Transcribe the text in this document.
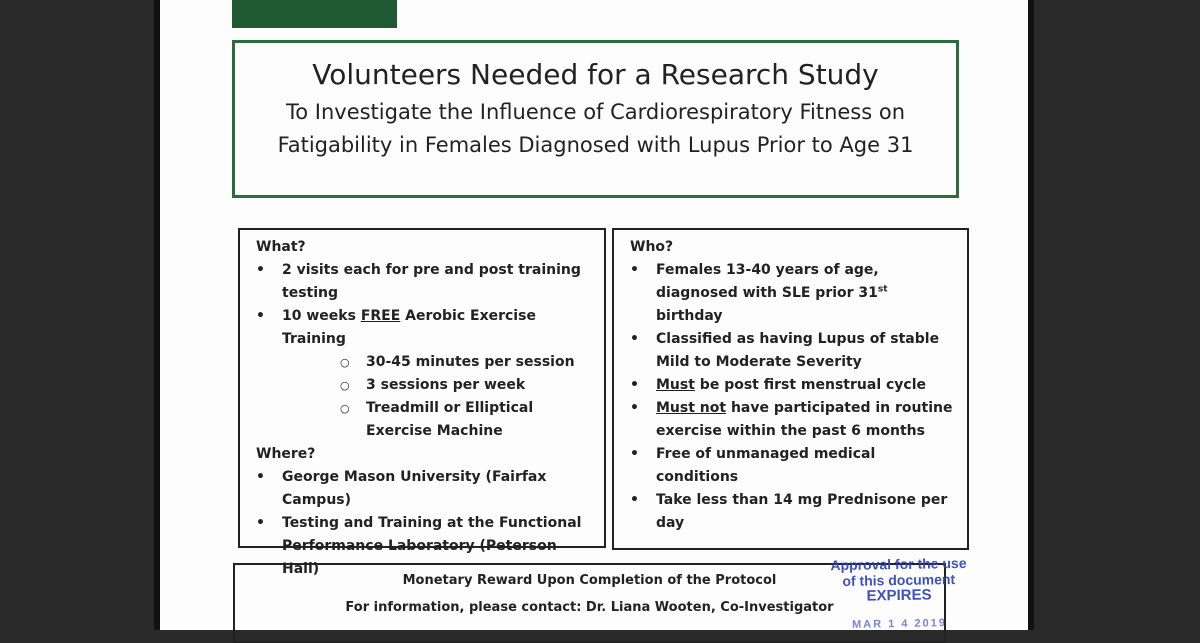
Volunteers Needed for a Research Study
To Investigate the Influence of Cardiorespiratory Fitness on
Fatigability in Females Diagnosed with Lupus Prior to Age 31
What?
• 2 visits each for pre and post training testing
• 10 weeks FREE Aerobic Exercise Training
○ 30-45 minutes per session
○ 3 sessions per week
○ Treadmill or Elliptical Exercise Machine
Where?
• George Mason University (Fairfax Campus)
• Testing and Training at the Functional Performance Laboratory (Peterson Hall)
Who?
• Females 13-40 years of age, diagnosed with SLE prior 31st birthday
• Classified as having Lupus of stable Mild to Moderate Severity
• Must be post first menstrual cycle
• Must not have participated in routine exercise within the past 6 months
• Free of unmanaged medical conditions
• Take less than 14 mg Prednisone per day
Monetary Reward Upon Completion of the Protocol
For information, please contact: Dr. Liana Wooten, Co-Investigator
Approval for the use
of this document
EXPIRES
MAR 1 4 2019
